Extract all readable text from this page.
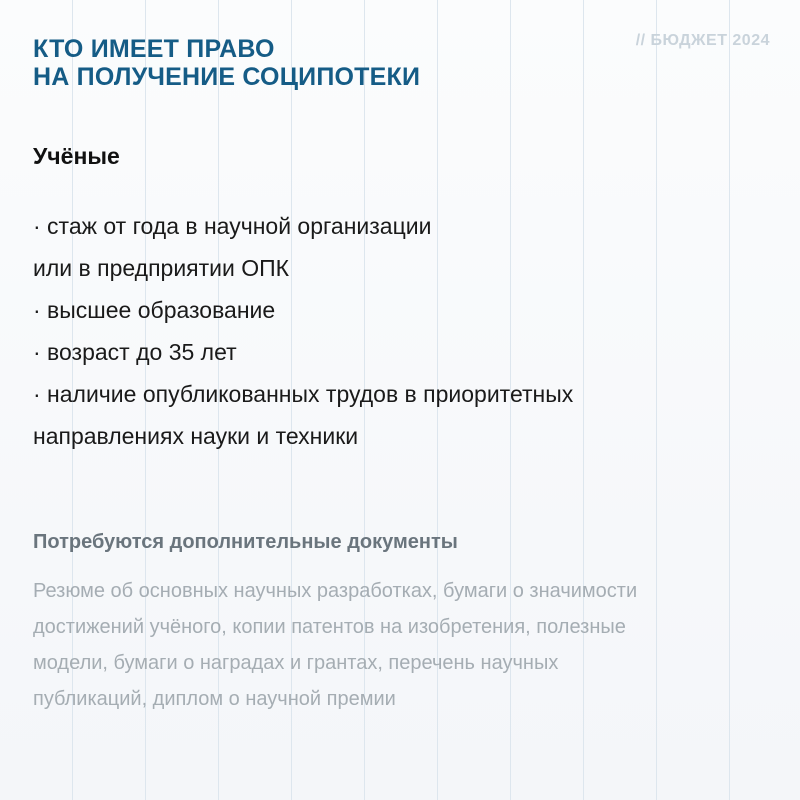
КТО ИМЕЕТ ПРАВО
НА ПОЛУЧЕНИЕ СОЦИПОТЕКИ
// БЮДЖЕТ 2024
Учёные
· стаж от года в научной организации
или в предприятии ОПК
· высшее образование
· возраст до 35 лет
· наличие опубликованных трудов в приоритетных
направлениях науки и техники
Потребуются дополнительные документы
Резюме об основных научных разработках, бумаги о значимости
достижений учёного, копии патентов на изобретения, полезные
модели, бумаги о наградах и грантах, перечень научных
публикаций, диплом о научной премии
